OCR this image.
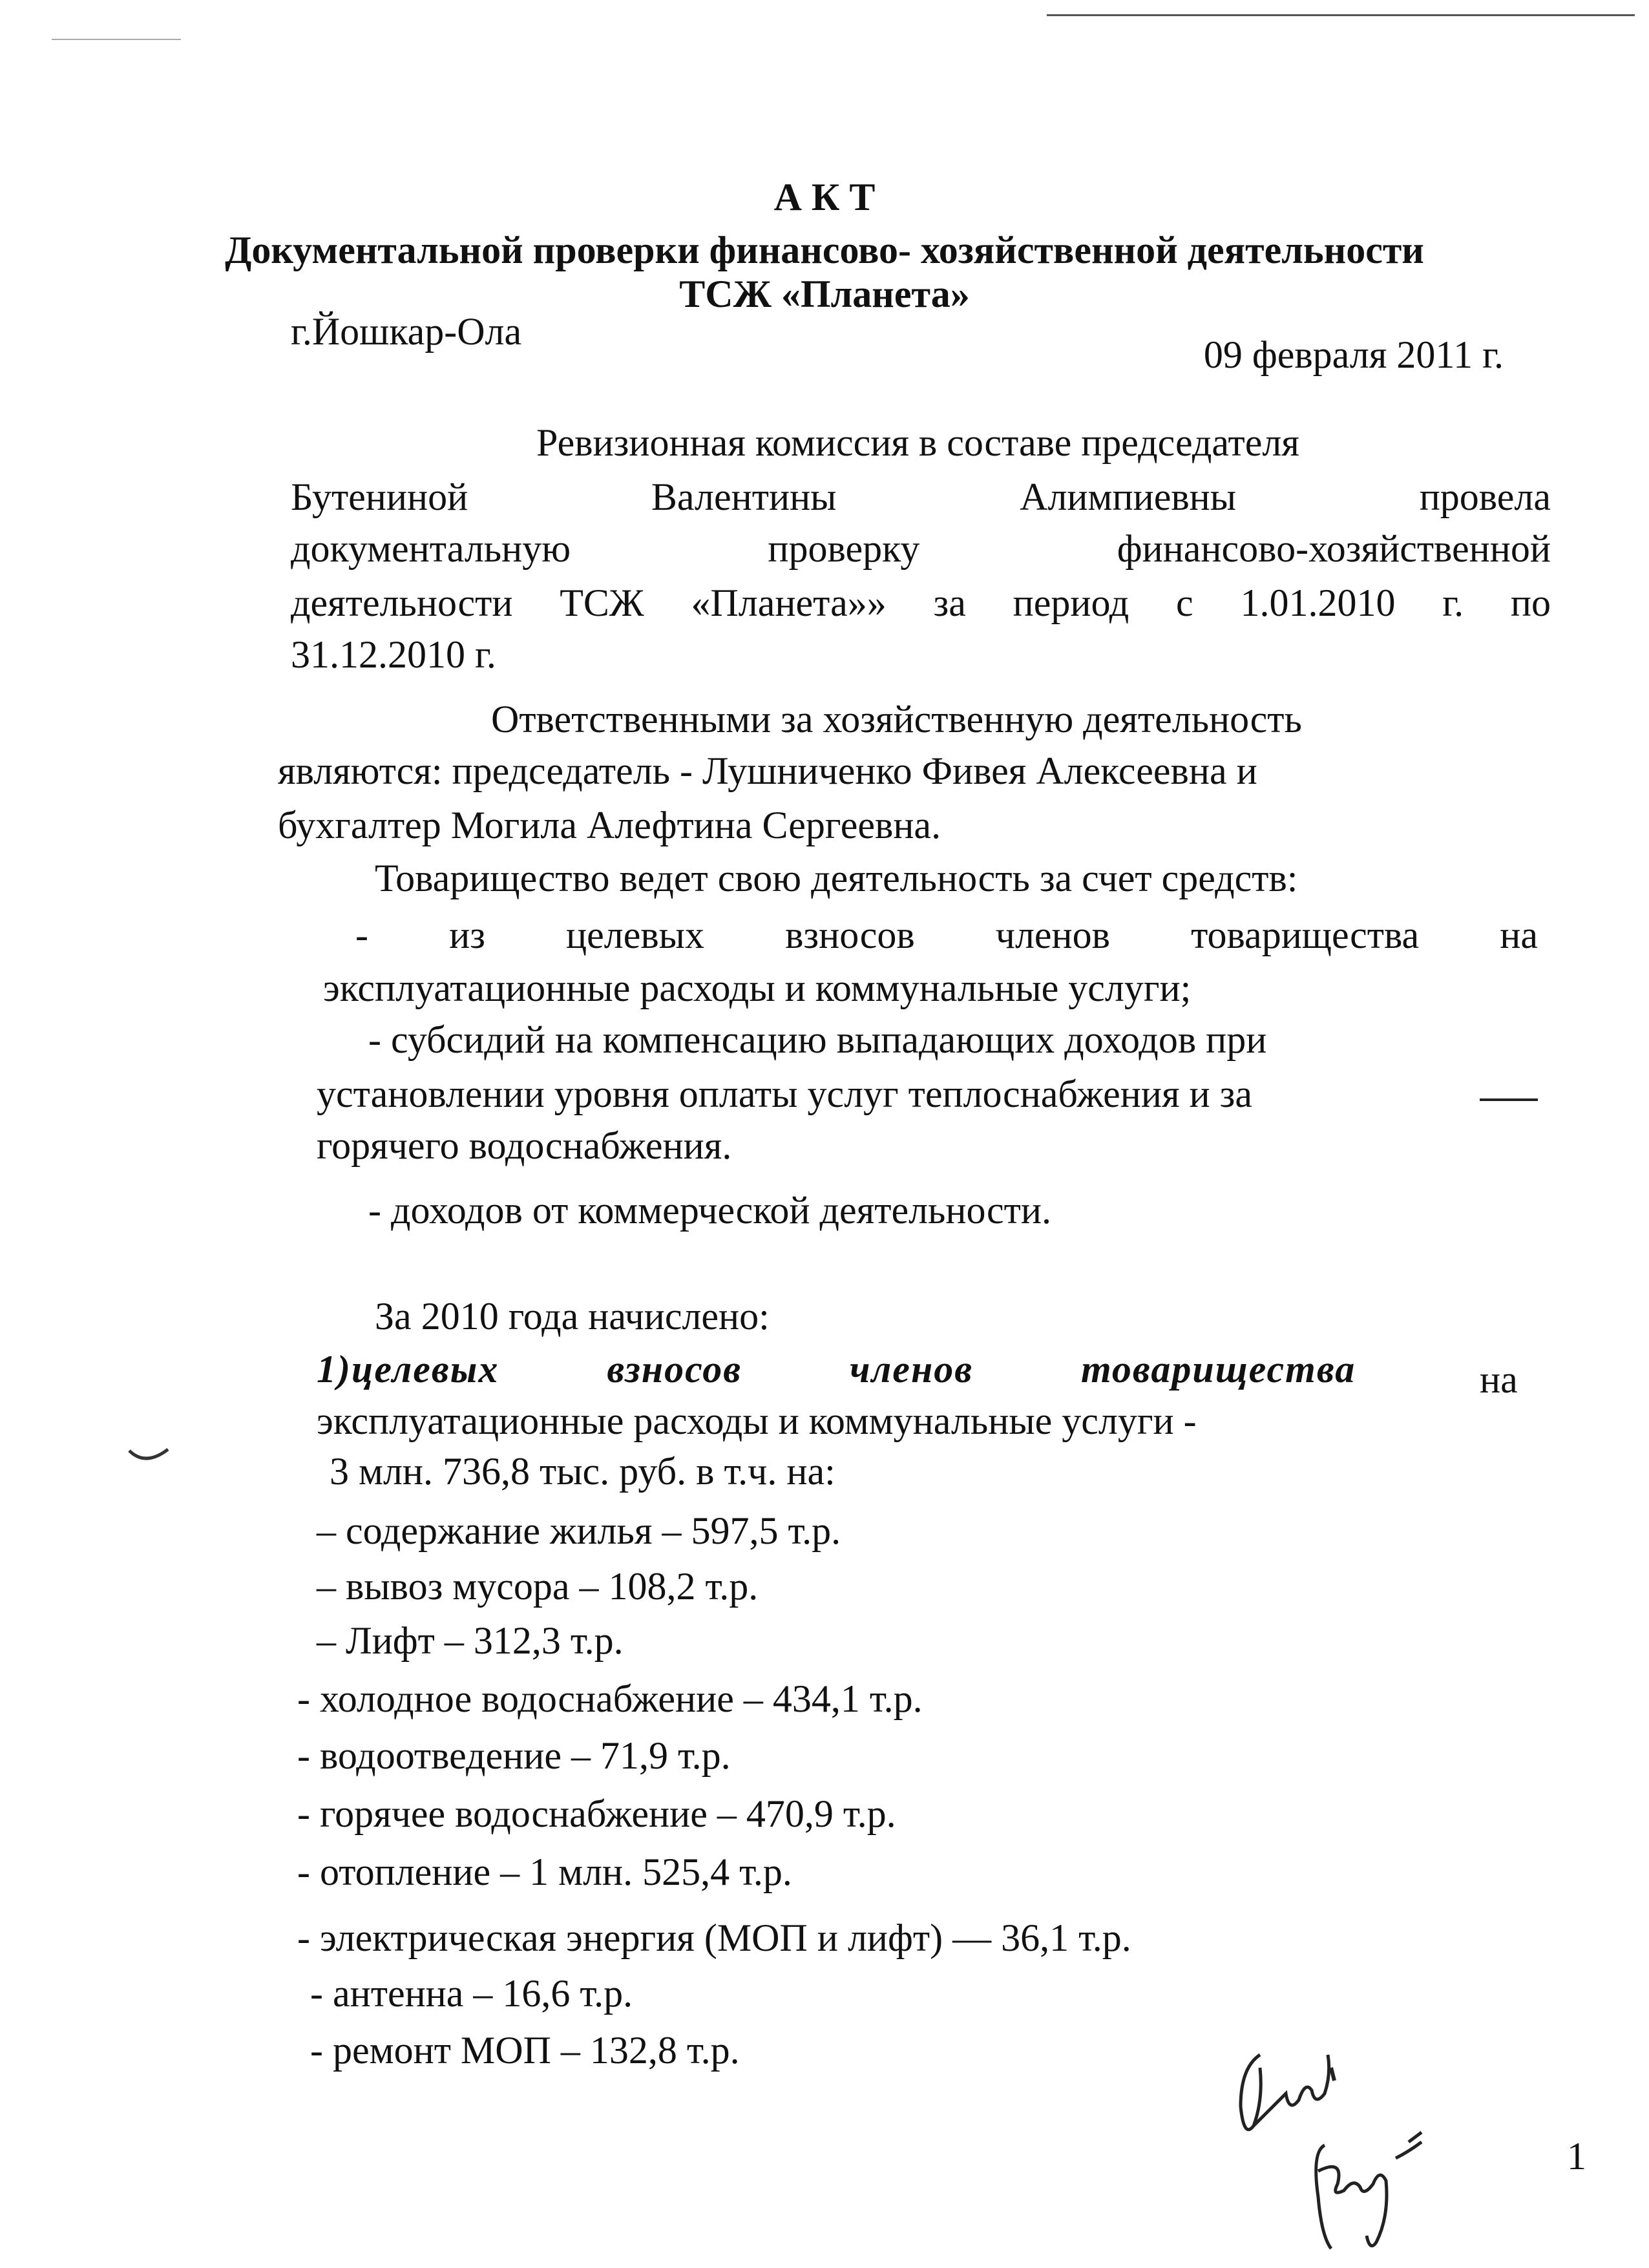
А К Т
Документальной проверки финансово- хозяйственной деятельности
ТСЖ «Планета»
г.Йошкар-Ола
09 февраля 2011 г.
Ревизионная комиссия в составе председателя
Бутениной Валентины Алимпиевны провела
документальную проверку финансово-хозяйственной
деятельности ТСЖ «Планета»» за период с 1.01.2010 г. по
31.12.2010 г.
Ответственными за хозяйственную деятельность
являются: председатель - Лушниченко Фивея Алексеевна и
бухгалтер Могила Алефтина Сергеевна.
Товарищество ведет свою деятельность за счет средств:
- из целевых взносов членов товарищества на
эксплуатационные расходы и коммунальные услуги;
- субсидий на компенсацию выпадающих доходов при
установлении уровня оплаты услуг теплоснабжения и за
горячего водоснабжения.
- доходов от коммерческой деятельности.
За 2010 года начислено:
1)целевых взносов членов товарищества	на
эксплуатационные расходы и коммунальные услуги -
3 млн. 736,8 тыс. руб. в т.ч. на:
– содержание жилья – 597,5 т.р.
– вывоз мусора – 108,2 т.р.
– Лифт – 312,3 т.р.
- холодное водоснабжение – 434,1 т.р.
- водоотведение – 71,9 т.р.
- горячее водоснабжение – 470,9 т.р.
- отопление – 1 млн. 525,4 т.р.
- электрическая энергия (МОП и лифт) — 36,1 т.р.
- антенна – 16,6 т.р.
- ремонт МОП – 132,8 т.р.
1
